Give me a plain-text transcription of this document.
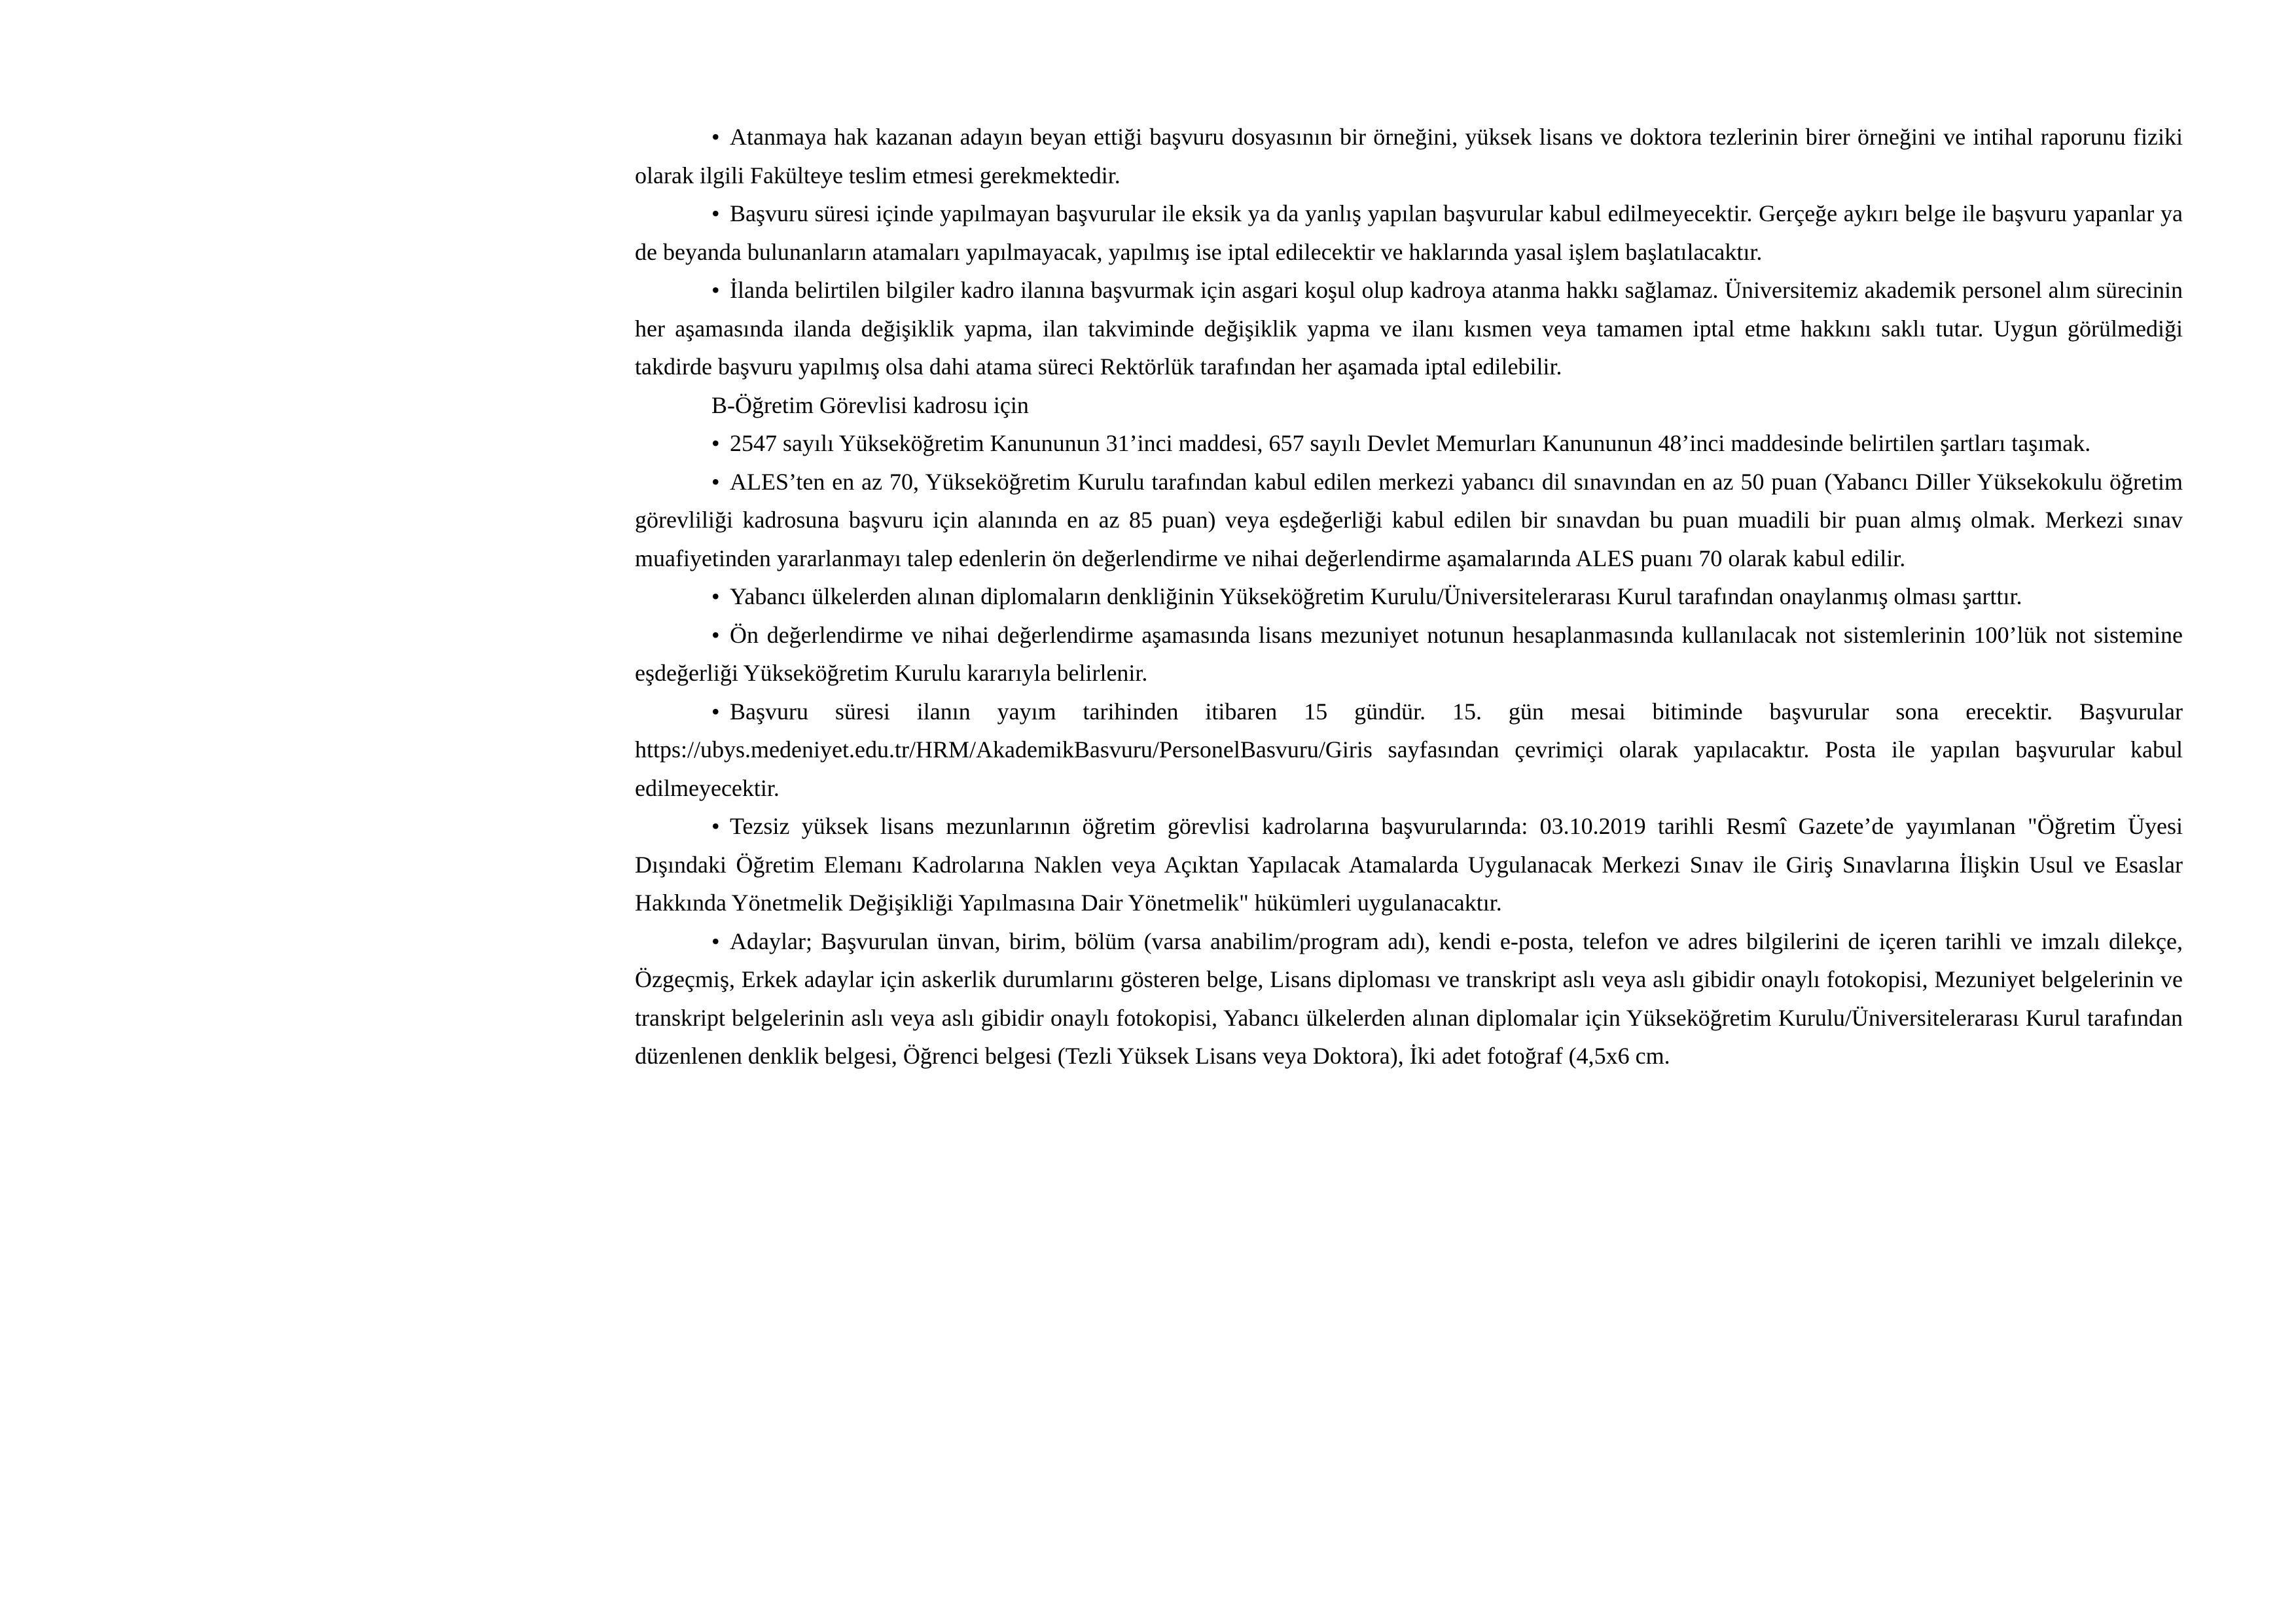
• Atanmaya hak kazanan adayın beyan ettiği başvuru dosyasının bir örneğini, yüksek lisans ve doktora tezlerinin birer örneğini ve intihal raporunu fiziki olarak ilgili Fakülteye teslim etmesi gerekmektedir.

• Başvuru süresi içinde yapılmayan başvurular ile eksik ya da yanlış yapılan başvurular kabul edilmeyecektir. Gerçeğe aykırı belge ile başvuru yapanlar ya de beyanda bulunanların atamaları yapılmayacak, yapılmış ise iptal edilecektir ve haklarında yasal işlem başlatılacaktır.

• İlanda belirtilen bilgiler kadro ilanına başvurmak için asgari koşul olup kadroya atanma hakkı sağlamaz. Üniversitemiz akademik personel alım sürecinin her aşamasında ilanda değişiklik yapma, ilan takviminde değişiklik yapma ve ilanı kısmen veya tamamen iptal etme hakkını saklı tutar. Uygun görülmediği takdirde başvuru yapılmış olsa dahi atama süreci Rektörlük tarafından her aşamada iptal edilebilir.

B-Öğretim Görevlisi kadrosu için

• 2547 sayılı Yükseköğretim Kanununun 31’inci maddesi, 657 sayılı Devlet Memurları Kanununun 48’inci maddesinde belirtilen şartları taşımak.

• ALES’ten en az 70, Yükseköğretim Kurulu tarafından kabul edilen merkezi yabancı dil sınavından en az 50 puan (Yabancı Diller Yüksekokulu öğretim görevliliği kadrosuna başvuru için alanında en az 85 puan) veya eşdeğerliği kabul edilen bir sınavdan bu puan muadili bir puan almış olmak. Merkezi sınav muafiyetinden yararlanmayı talep edenlerin ön değerlendirme ve nihai değerlendirme aşamalarında ALES puanı 70 olarak kabul edilir.

• Yabancı ülkelerden alınan diplomaların denkliğinin Yükseköğretim Kurulu/Üniversitelerarası Kurul tarafından onaylanmış olması şarttır.

• Ön değerlendirme ve nihai değerlendirme aşamasında lisans mezuniyet notunun hesaplanmasında kullanılacak not sistemlerinin 100’lük not sistemine eşdeğerliği Yükseköğretim Kurulu kararıyla belirlenir.

• Başvuru süresi ilanın yayım tarihinden itibaren 15 gündür. 15. gün mesai bitiminde başvurular sona erecektir. Başvurular https://ubys.medeniyet.edu.tr/HRM/AkademikBasvuru/PersonelBasvuru/Giris sayfasından çevrimiçi olarak yapılacaktır. Posta ile yapılan başvurular kabul edilmeyecektir.

• Tezsiz yüksek lisans mezunlarının öğretim görevlisi kadrolarına başvurularında: 03.10.2019 tarihli Resmî Gazete’de yayımlanan "Öğretim Üyesi Dışındaki Öğretim Elemanı Kadrolarına Naklen veya Açıktan Yapılacak Atamalarda Uygulanacak Merkezi Sınav ile Giriş Sınavlarına İlişkin Usul ve Esaslar Hakkında Yönetmelik Değişikliği Yapılmasına Dair Yönetmelik" hükümleri uygulanacaktır.

• Adaylar; Başvurulan ünvan, birim, bölüm (varsa anabilim/program adı), kendi e-posta, telefon ve adres bilgilerini de içeren tarihli ve imzalı dilekçe, Özgeçmiş, Erkek adaylar için askerlik durumlarını gösteren belge, Lisans diploması ve transkript aslı veya aslı gibidir onaylı fotokopisi, Mezuniyet belgelerinin ve transkript belgelerinin aslı veya aslı gibidir onaylı fotokopisi, Yabancı ülkelerden alınan diplomalar için Yükseköğretim Kurulu/Üniversitelerarası Kurul tarafından düzenlenen denklik belgesi, Öğrenci belgesi (Tezli Yüksek Lisans veya Doktora), İki adet fotoğraf (4,5x6 cm.
